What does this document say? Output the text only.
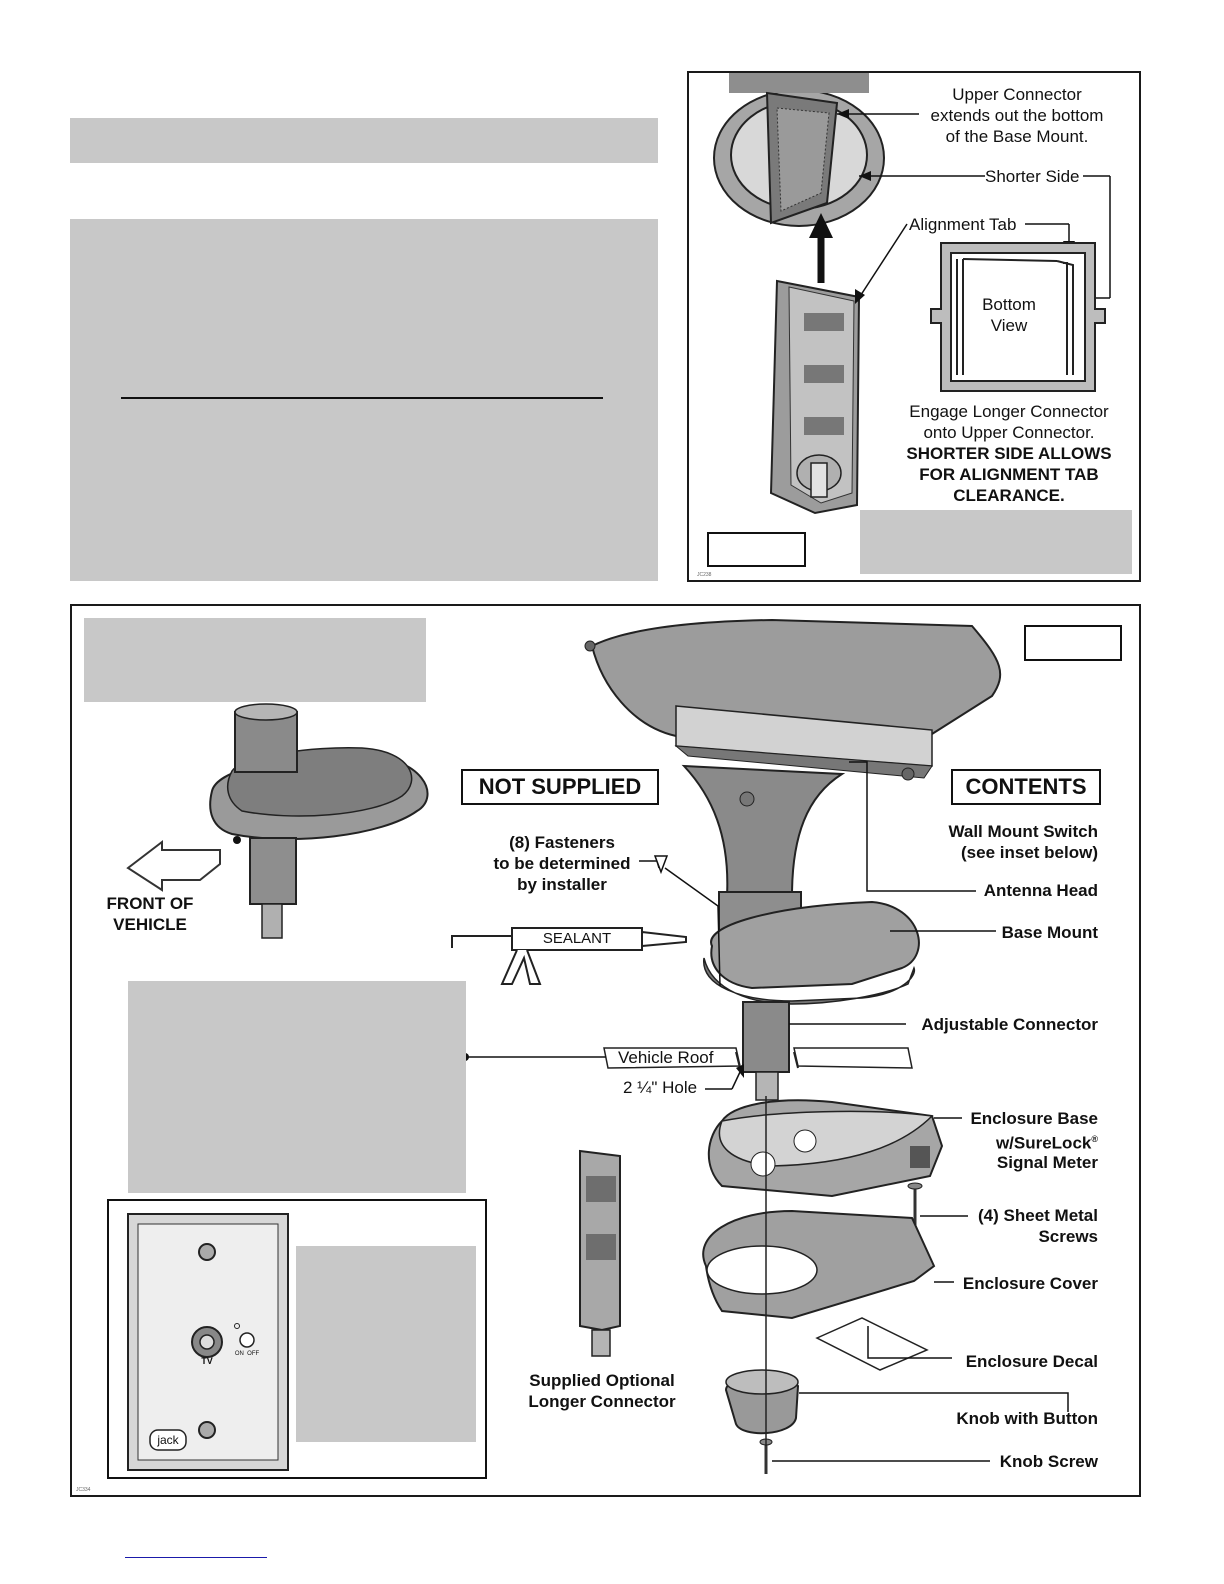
JC238
Upper Connector
extends out the bottom
of the Base Mount.
Shorter Side
Alignment Tab
Bottom
View
Engage Longer Connector
onto Upper Connector.
SHORTER SIDE ALLOWS
FOR ALIGNMENT TAB
CLEARANCE.
JC334
FRONT OF
VEHICLE
NOT SUPPLIED	CONTENTS
(8) Fasteners
to be determined
by installer
SEALANT
Vehicle Roof
2 ¼" Hole
Wall Mount Switch
(see inset below)
Antenna Head
Base Mount
Adjustable Connector
Enclosure Base
w/SureLock®
Signal Meter
(4) Sheet Metal
Screws
Enclosure Cover
Enclosure Decal
Knob with Button
Knob Screw
Supplied Optional
Longer Connector
TV
ON  OFF
jack
